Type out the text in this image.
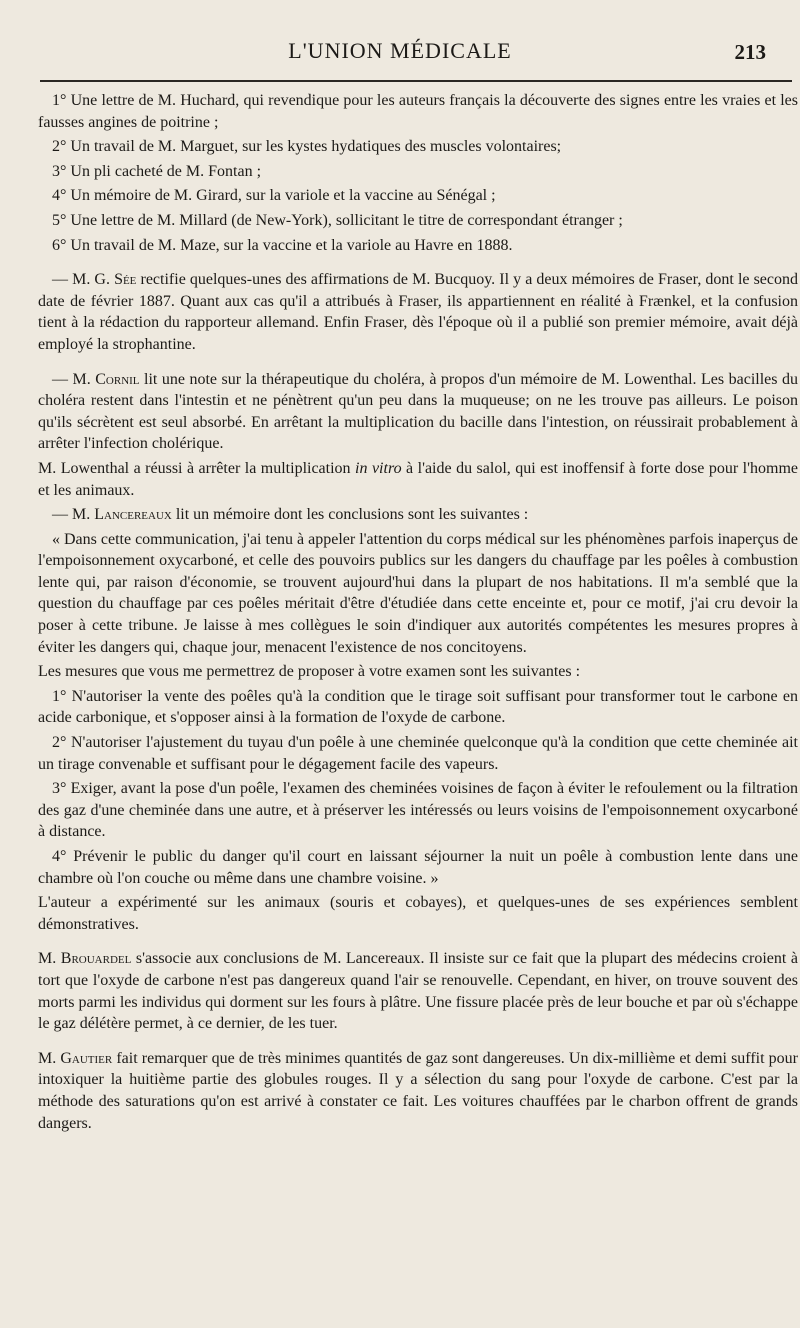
L'UNION MÉDICALE	213

1° Une lettre de M. Huchard, qui revendique pour les auteurs français la découverte des signes entre les vraies et les fausses angines de poitrine ;

2° Un travail de M. Marguet, sur les kystes hydatiques des muscles volontaires;

3° Un pli cacheté de M. Fontan ;

4° Un mémoire de M. Girard, sur la variole et la vaccine au Sénégal ;

5° Une lettre de M. Millard (de New-York), sollicitant le titre de correspondant étranger ;

6° Un travail de M. Maze, sur la vaccine et la variole au Havre en 1888.

— M. G. Sée rectifie quelques-unes des affirmations de M. Bucquoy. Il y a deux mémoires de Fraser, dont le second date de février 1887. Quant aux cas qu'il a attribués à Fraser, ils appartiennent en réalité à Frænkel, et la confusion tient à la rédaction du rapporteur allemand. Enfin Fraser, dès l'époque où il a publié son premier mémoire, avait déjà employé la strophantine.

— M. Cornil lit une note sur la thérapeutique du choléra, à propos d'un mémoire de M. Lowenthal. Les bacilles du choléra restent dans l'intestin et ne pénètrent qu'un peu dans la muqueuse; on ne les trouve pas ailleurs. Le poison qu'ils sécrètent est seul absorbé. En arrêtant la multiplication du bacille dans l'intestion, on réussirait probablement à arrêter l'infection cholérique.

M. Lowenthal a réussi à arrêter la multiplication in vitro à l'aide du salol, qui est inoffensif à forte dose pour l'homme et les animaux.

— M. Lancereaux lit un mémoire dont les conclusions sont les suivantes :

« Dans cette communication, j'ai tenu à appeler l'attention du corps médical sur les phénomènes parfois inaperçus de l'empoisonnement oxycarboné, et celle des pouvoirs publics sur les dangers du chauffage par les poêles à combustion lente qui, par raison d'économie, se trouvent aujourd'hui dans la plupart de nos habitations. Il m'a semblé que la question du chauffage par ces poêles méritait d'être d'étudiée dans cette enceinte et, pour ce motif, j'ai cru devoir la poser à cette tribune. Je laisse à mes collègues le soin d'indiquer aux autorités compétentes les mesures propres à éviter les dangers qui, chaque jour, menacent l'existence de nos concitoyens.

Les mesures que vous me permettrez de proposer à votre examen sont les suivantes :

1° N'autoriser la vente des poêles qu'à la condition que le tirage soit suffisant pour transformer tout le carbone en acide carbonique, et s'opposer ainsi à la formation de l'oxyde de carbone.

2° N'autoriser l'ajustement du tuyau d'un poêle à une cheminée quelconque qu'à la condition que cette cheminée ait un tirage convenable et suffisant pour le dégagement facile des vapeurs.

3° Exiger, avant la pose d'un poêle, l'examen des cheminées voisines de façon à éviter le refoulement ou la filtration des gaz d'une cheminée dans une autre, et à préserver les intéressés ou leurs voisins de l'empoisonnement oxycarboné à distance.

4° Prévenir le public du danger qu'il court en laissant séjourner la nuit un poêle à combustion lente dans une chambre où l'on couche ou même dans une chambre voisine. »

L'auteur a expérimenté sur les animaux (souris et cobayes), et quelques-unes de ses expériences semblent démonstratives.

M. Brouardel s'associe aux conclusions de M. Lancereaux. Il insiste sur ce fait que la plupart des médecins croient à tort que l'oxyde de carbone n'est pas dangereux quand l'air se renouvelle. Cependant, en hiver, on trouve souvent des morts parmi les individus qui dorment sur les fours à plâtre. Une fissure placée près de leur bouche et par où s'échappe le gaz délétère permet, à ce dernier, de les tuer.

M. Gautier fait remarquer que de très minimes quantités de gaz sont dangereuses. Un dix-millième et demi suffit pour intoxiquer la huitième partie des globules rouges. Il y a sélection du sang pour l'oxyde de carbone. C'est par la méthode des saturations qu'on est arrivé à constater ce fait. Les voitures chauffées par le charbon offrent de grands dangers.
